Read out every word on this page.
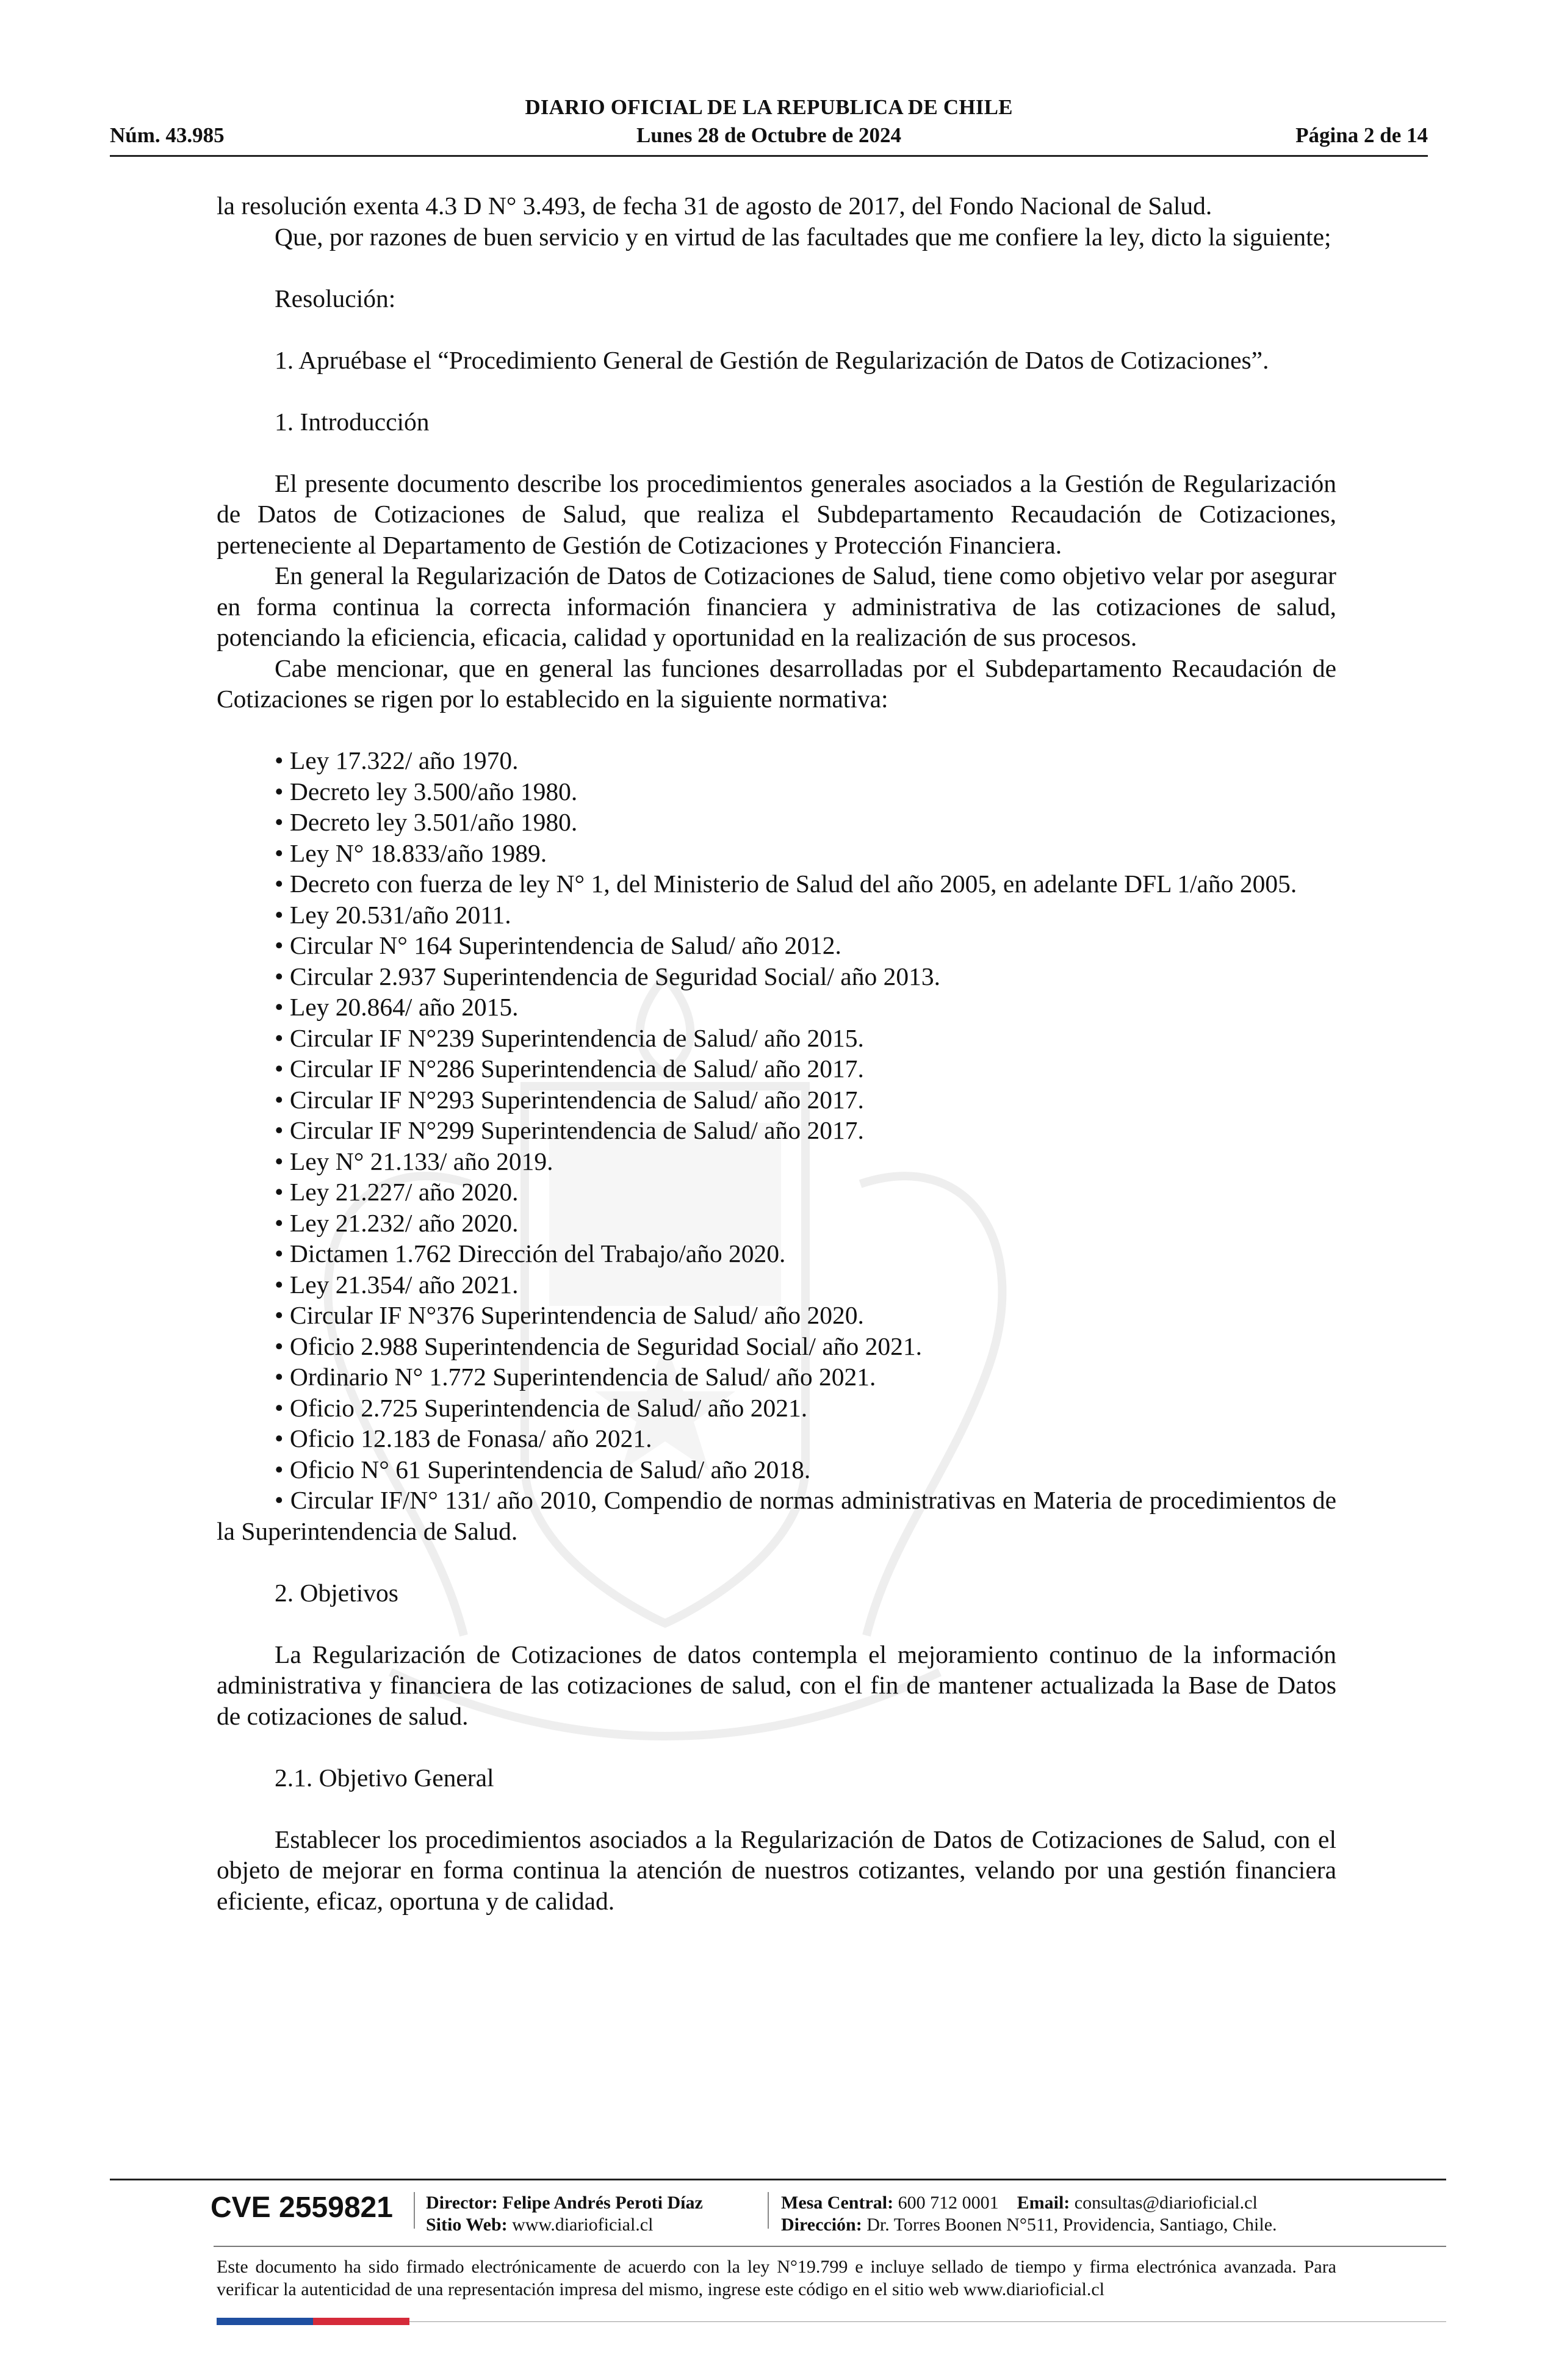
DIARIO OFICIAL DE LA REPUBLICA DE CHILE
Núm. 43.985	Lunes 28 de Octubre de 2024	Página 2 de 14

la resolución exenta 4.3 D N° 3.493, de fecha 31 de agosto de 2017, del Fondo Nacional de Salud.

Que, por razones de buen servicio y en virtud de las facultades que me confiere la ley, dicto la siguiente;

Resolución:

1. Apruébase el “Procedimiento General de Gestión de Regularización de Datos de Cotizaciones”.

1. Introducción

El presente documento describe los procedimientos generales asociados a la Gestión de Regularización de Datos de Cotizaciones de Salud, que realiza el Subdepartamento Recaudación de Cotizaciones, perteneciente al Departamento de Gestión de Cotizaciones y Protección Financiera.

En general la Regularización de Datos de Cotizaciones de Salud, tiene como objetivo velar por asegurar en forma continua la correcta información financiera y administrativa de las cotizaciones de salud, potenciando la eficiencia, eficacia, calidad y oportunidad en la realización de sus procesos.

Cabe mencionar, que en general las funciones desarrolladas por el Subdepartamento Recaudación de Cotizaciones se rigen por lo establecido en la siguiente normativa:

• Ley 17.322/ año 1970.

• Decreto ley 3.500/año 1980.

• Decreto ley 3.501/año 1980.

• Ley N° 18.833/año 1989.

• Decreto con fuerza de ley N° 1, del Ministerio de Salud del año 2005, en adelante DFL 1/año 2005.

• Ley 20.531/año 2011.

• Circular N° 164 Superintendencia de Salud/ año 2012.

• Circular 2.937 Superintendencia de Seguridad Social/ año 2013.

• Ley 20.864/ año 2015.

• Circular IF N°239 Superintendencia de Salud/ año 2015.

• Circular IF N°286 Superintendencia de Salud/ año 2017.

• Circular IF N°293 Superintendencia de Salud/ año 2017.

• Circular IF N°299 Superintendencia de Salud/ año 2017.

• Ley N° 21.133/ año 2019.

• Ley 21.227/ año 2020.

• Ley 21.232/ año 2020.

• Dictamen 1.762 Dirección del Trabajo/año 2020.

• Ley 21.354/ año 2021.

• Circular IF N°376 Superintendencia de Salud/ año 2020.

• Oficio 2.988 Superintendencia de Seguridad Social/ año 2021.

• Ordinario N° 1.772 Superintendencia de Salud/ año 2021.

• Oficio 2.725 Superintendencia de Salud/ año 2021.

• Oficio 12.183 de Fonasa/ año 2021.

• Oficio N° 61 Superintendencia de Salud/ año 2018.

• Circular IF/N° 131/ año 2010, Compendio de normas administrativas en Materia de procedimientos de la Superintendencia de Salud.

2. Objetivos

La Regularización de Cotizaciones de datos contempla el mejoramiento continuo de la información administrativa y financiera de las cotizaciones de salud, con el fin de mantener actualizada la Base de Datos de cotizaciones de salud.

2.1. Objetivo General

Establecer los procedimientos asociados a la Regularización de Datos de Cotizaciones de Salud, con el objeto de mejorar en forma continua la atención de nuestros cotizantes, velando por una gestión financiera eficiente, eficaz, oportuna y de calidad.

CVE 2559821 Director: Felipe Andrés Peroti Díaz
Sitio Web: www.diarioficial.cl
Mesa Central: 600 712 0001 Email: consultas@diarioficial.cl
Dirección: Dr. Torres Boonen N°511, Providencia, Santiago, Chile.
Este documento ha sido firmado electrónicamente de acuerdo con la ley N°19.799 e incluye sellado de tiempo y firma electrónica avanzada. Para verificar la autenticidad de una representación impresa del mismo, ingrese este código en el sitio web www.diarioficial.cl
